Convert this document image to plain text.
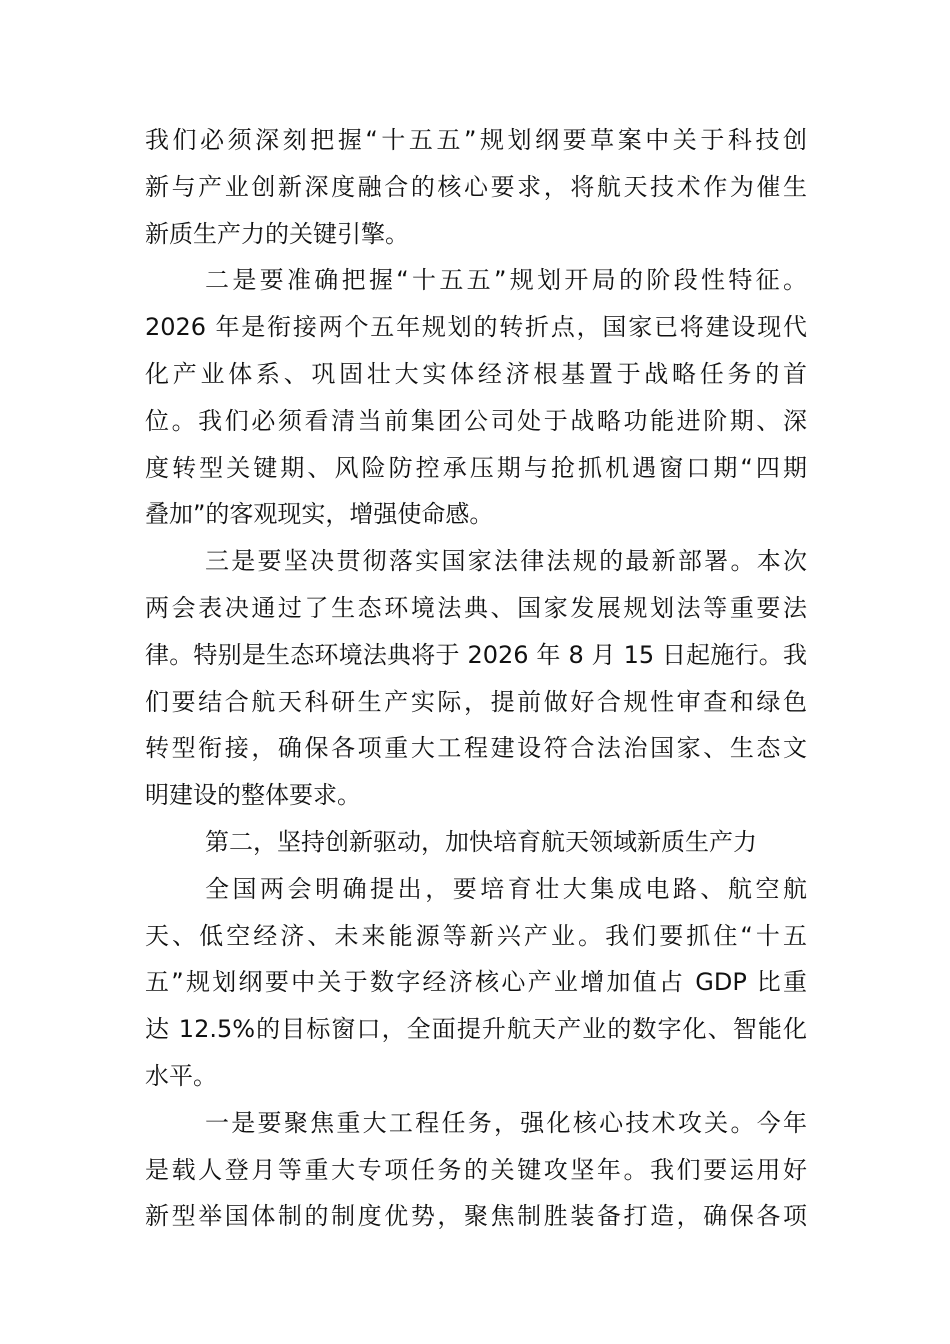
我们必须深刻把握“十五五”规划纲要草案中关于科技创
新与产业创新深度融合的核心要求，将航天技术作为催生
新质生产力的关键引擎。
二是要准确把握“十五五”规划开局的阶段性特征。
2026 年是衔接两个五年规划的转折点，国家已将建设现代
化产业体系、巩固壮大实体经济根基置于战略任务的首
位。我们必须看清当前集团公司处于战略功能进阶期、深
度转型关键期、风险防控承压期与抢抓机遇窗口期“四期
叠加”的客观现实，增强使命感。
三是要坚决贯彻落实国家法律法规的最新部署。本次
两会表决通过了生态环境法典、国家发展规划法等重要法
律。特别是生态环境法典将于 2026 年 8 月 15 日起施行。我
们要结合航天科研生产实际，提前做好合规性审查和绿色
转型衔接，确保各项重大工程建设符合法治国家、生态文
明建设的整体要求。
第二，坚持创新驱动，加快培育航天领域新质生产力
全国两会明确提出，要培育壮大集成电路、航空航
天、低空经济、未来能源等新兴产业。我们要抓住“十五
五”规划纲要中关于数字经济核心产业增加值占 GDP 比重
达 12.5%的目标窗口，全面提升航天产业的数字化、智能化
水平。
一是要聚焦重大工程任务，强化核心技术攻关。今年
是载人登月等重大专项任务的关键攻坚年。我们要运用好
新型举国体制的制度优势，聚焦制胜装备打造，确保各项
